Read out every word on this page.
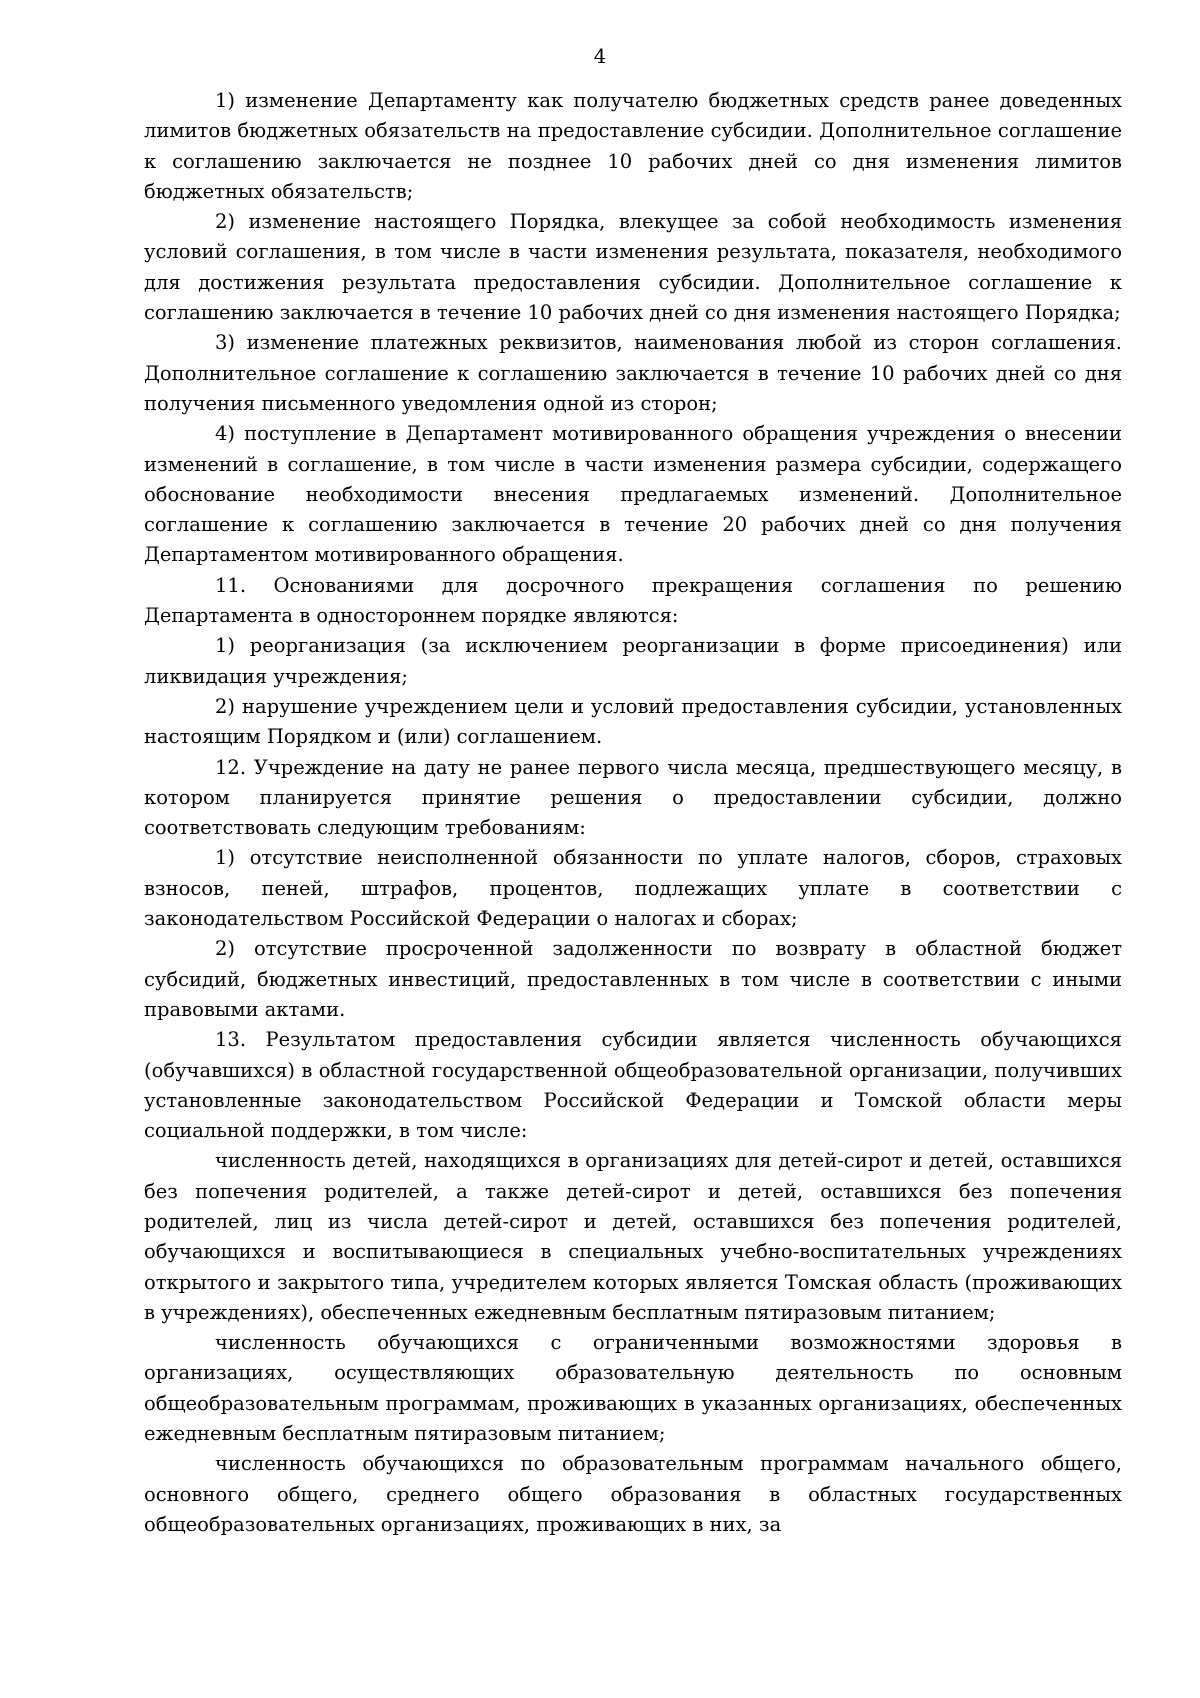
4

1) изменение Департаменту как получателю бюджетных средств ранее доведенных лимитов бюджетных обязательств на предоставление субсидии. Дополнительное соглашение к соглашению заключается не позднее 10 рабочих дней со дня изменения лимитов бюджетных обязательств;

2) изменение настоящего Порядка, влекущее за собой необходимость изменения условий соглашения, в том числе в части изменения результата, показателя, необходимого для достижения результата предоставления субсидии. Дополнительное соглашение к соглашению заключается в течение 10 рабочих дней со дня изменения настоящего Порядка;

3) изменение платежных реквизитов, наименования любой из сторон соглашения. Дополнительное соглашение к соглашению заключается в течение 10 рабочих дней со дня получения письменного уведомления одной из сторон;

4) поступление в Департамент мотивированного обращения учреждения о внесении изменений в соглашение, в том числе в части изменения размера субсидии, содержащего обоснование необходимости внесения предлагаемых изменений. Дополнительное соглашение к соглашению заключается в течение 20 рабочих дней со дня получения Департаментом мотивированного обращения.

11. Основаниями для досрочного прекращения соглашения по решению Департамента в одностороннем порядке являются:

1) реорганизация (за исключением реорганизации в форме присоединения) или ликвидация учреждения;

2) нарушение учреждением цели и условий предоставления субсидии, установленных настоящим Порядком и (или) соглашением.

12. Учреждение на дату не ранее первого числа месяца, предшествующего месяцу, в котором планируется принятие решения о предоставлении субсидии, должно соответствовать следующим требованиям:

1) отсутствие неисполненной обязанности по уплате налогов, сборов, страховых взносов, пеней, штрафов, процентов, подлежащих уплате в соответствии с законодательством Российской Федерации о налогах и сборах;

2) отсутствие просроченной задолженности по возврату в областной бюджет субсидий, бюджетных инвестиций, предоставленных в том числе в соответствии с иными правовыми актами.

13. Результатом предоставления субсидии является численность обучающихся (обучавшихся) в областной государственной общеобразовательной организации, получивших установленные законодательством Российской Федерации и Томской области меры социальной поддержки, в том числе:

численность детей, находящихся в организациях для детей-сирот и детей, оставшихся без попечения родителей, а также детей-сирот и детей, оставшихся без попечения родителей, лиц из числа детей-сирот и детей, оставшихся без попечения родителей, обучающихся и воспитывающиеся в специальных учебно-воспитательных учреждениях открытого и закрытого типа, учредителем которых является Томская область (проживающих в учреждениях), обеспеченных ежедневным бесплатным пятиразовым питанием;

численность обучающихся с ограниченными возможностями здоровья в организациях, осуществляющих образовательную деятельность по основным общеобразовательным программам, проживающих в указанных организациях, обеспеченных ежедневным бесплатным пятиразовым питанием;

численность обучающихся по образовательным программам начального общего, основного общего, среднего общего образования в областных государственных общеобразовательных организациях, проживающих в них, за
